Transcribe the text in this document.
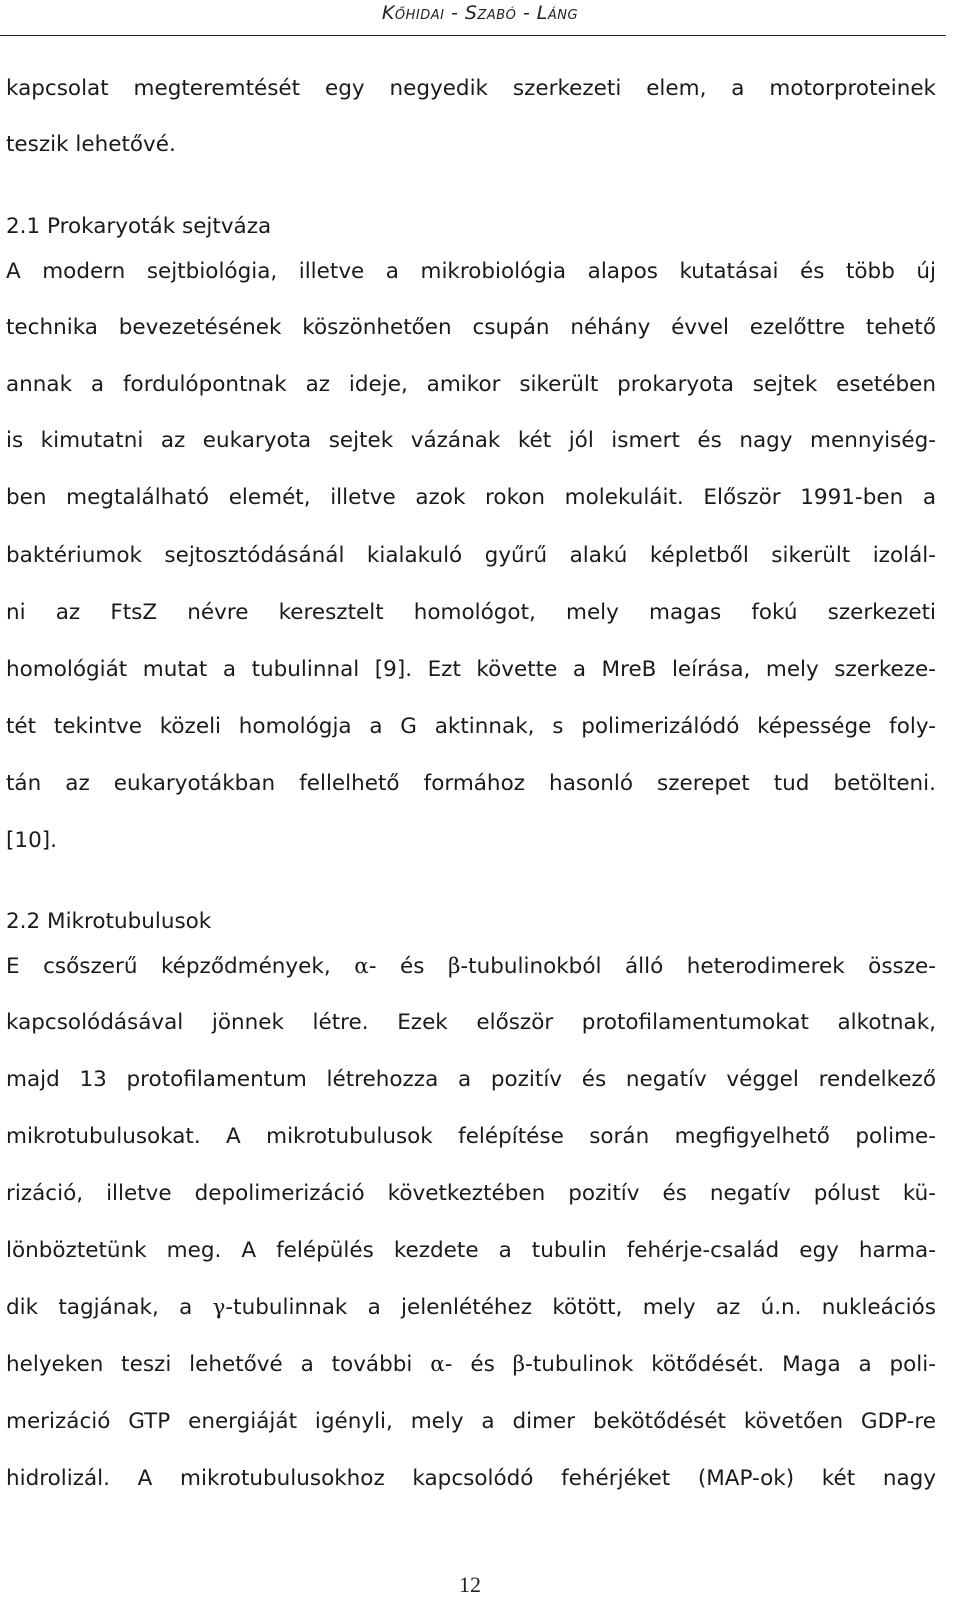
Kőhidai - Szabó - Láng
kapcsolat megteremtését egy negyedik szerkezeti elem, a motorproteinek
teszik lehetővé.
2.1 Prokaryoták sejtváza
A modern sejtbiológia, illetve a mikrobiológia alapos kutatásai és több új
technika bevezetésének köszönhetően csupán néhány évvel ezelőttre tehető
annak a fordulópontnak az ideje, amikor sikerült prokaryota sejtek esetében
is kimutatni az eukaryota sejtek vázának két jól ismert és nagy mennyiség-
ben megtalálható elemét, illetve azok rokon molekuláit. Először 1991-ben a
baktériumok sejtosztódásánál kialakuló gyűrű alakú képletből sikerült izolál-
ni az FtsZ névre keresztelt homológot, mely magas fokú szerkezeti
homológiát mutat a tubulinnal [9]. Ezt követte a MreB leírása, mely szerkeze-
tét tekintve közeli homológja a G aktinnak, s polimerizálódó képessége foly-
tán az eukaryotákban fellelhető formához hasonló szerepet tud betölteni.
[10].
2.2 Mikrotubulusok
E csőszerű képződmények, α- és β-tubulinokból álló heterodimerek össze-
kapcsolódásával jönnek létre. Ezek először protofilamentumokat alkotnak,
majd 13 protofilamentum létrehozza a pozitív és negatív véggel rendelkező
mikrotubulusokat. A mikrotubulusok felépítése során megfigyelhető polime-
rizáció, illetve depolimerizáció következtében pozitív és negatív pólust kü-
lönböztetünk meg. A felépülés kezdete a tubulin fehérje-család egy harma-
dik tagjának, a γ-tubulinnak a jelenlétéhez kötött, mely az ú.n. nukleációs
helyeken teszi lehetővé a további α- és β-tubulinok kötődését. Maga a poli-
merizáció GTP energiáját igényli, mely a dimer bekötődését követően GDP-re
hidrolizál. A mikrotubulusokhoz kapcsolódó fehérjéket (MAP-ok) két nagy
12
